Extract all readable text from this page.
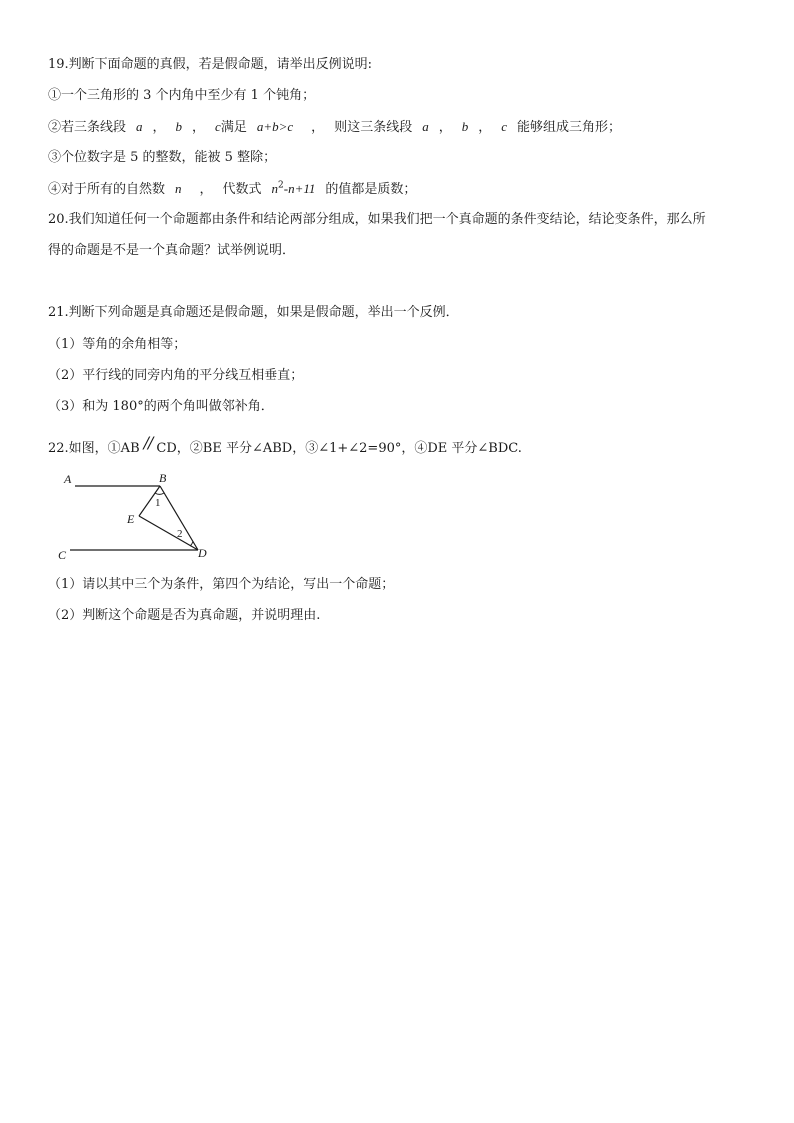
19.判断下面命题的真假，若是假命题，请举出反例说明:
①一个三角形的 3 个内角中至少有 1 个钝角；
②若三条线段 a ， b ， c满足 a+b>c ， 则这三条线段 a ， b ， c 能够组成三角形；
③个位数字是 5 的整数，能被 5 整除；
④对于所有的自然数 n ， 代数式 $n^2-n+11$ 的值都是质数；
20.我们知道任何一个命题都由条件和结论两部分组成，如果我们把一个真命题的条件变结论，结论变条件，那么所
得的命题是不是一个真命题？试举例说明．
21.判断下列命题是真命题还是假命题，如果是假命题，举出一个反例．
（1）等角的余角相等；
（2）平行线的同旁内角的平分线互相垂直；
（3）和为 180°的两个角叫做邻补角．
22.如图，①AB // CD，②BE 平分∠ABD，③∠1+∠2=90°，④DE 平分∠BDC.
A	B
E
C	D
1
2
（1）请以其中三个为条件，第四个为结论，写出一个命题；
（2）判断这个命题是否为真命题，并说明理由.
